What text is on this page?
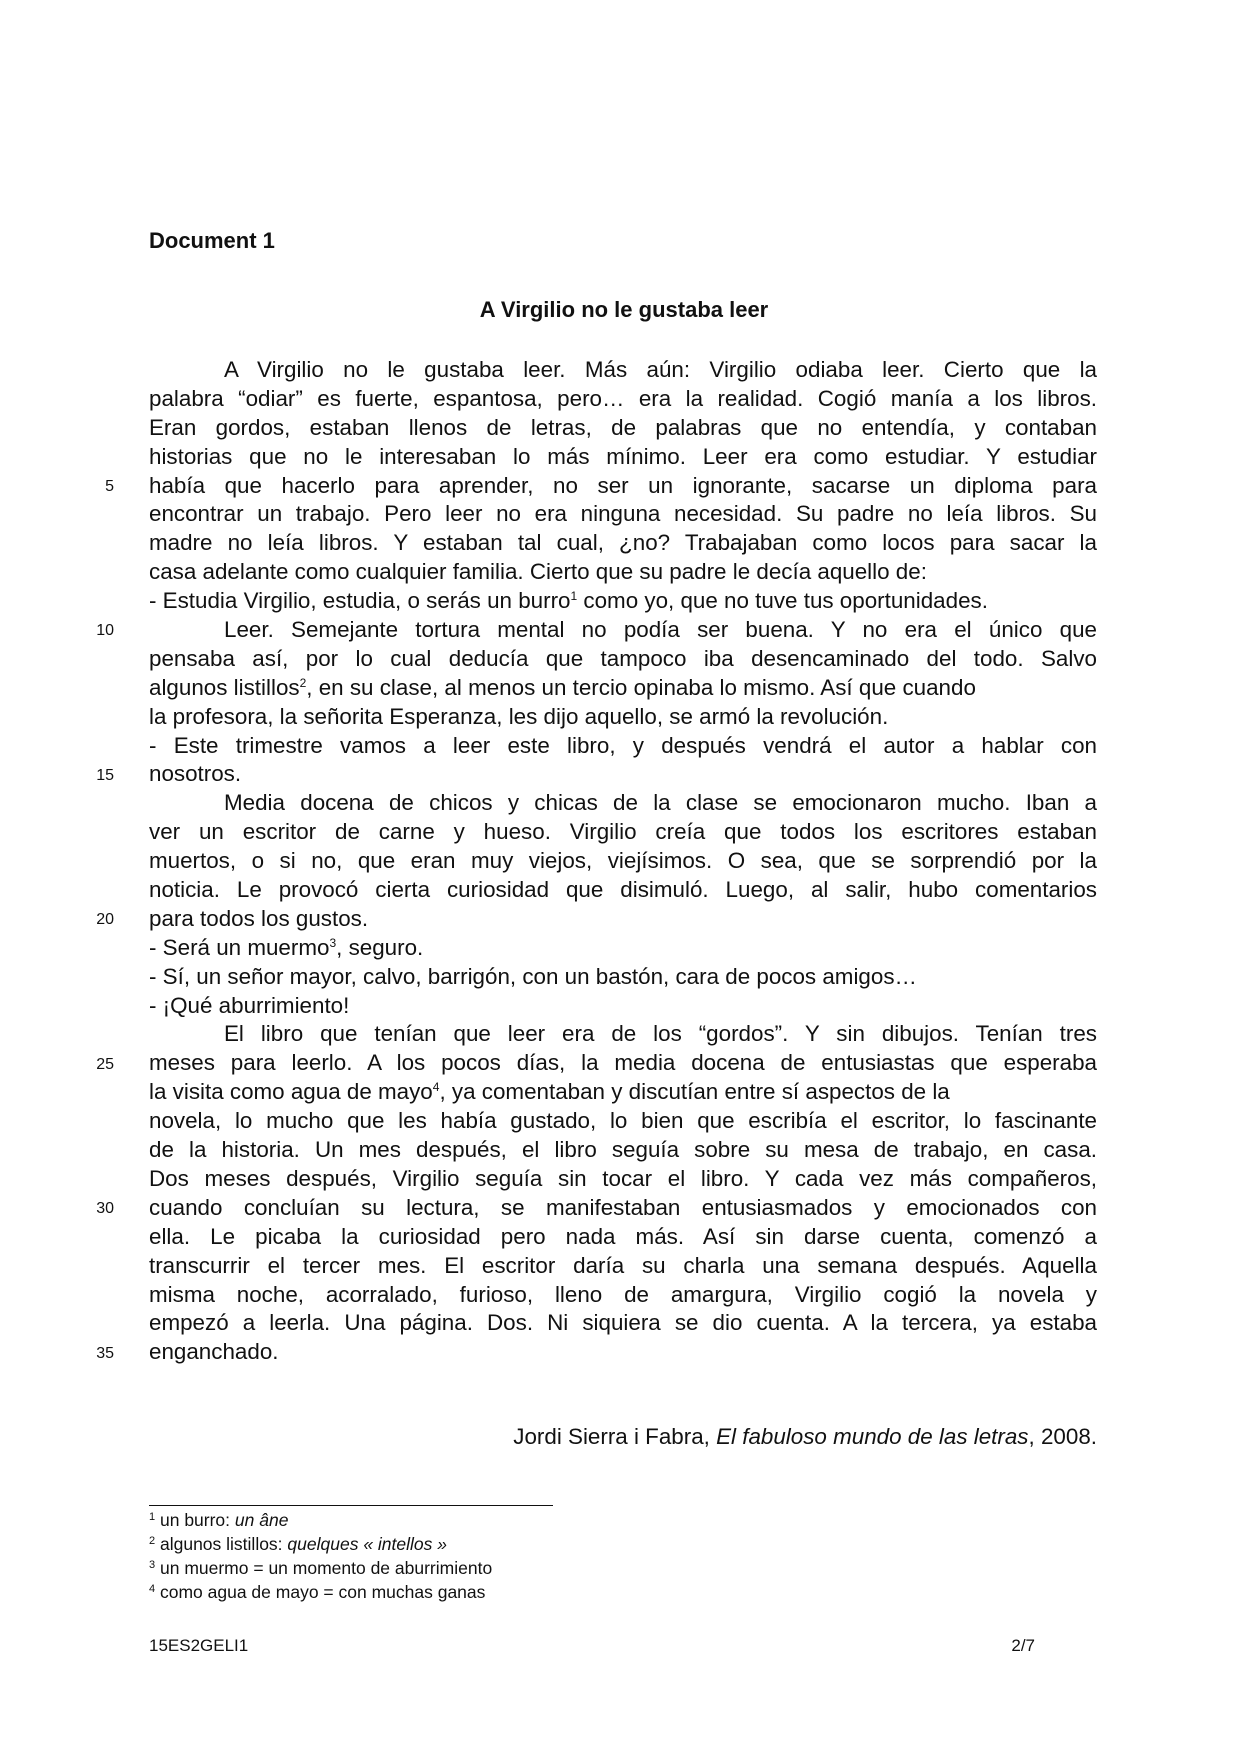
Document 1
A Virgilio no le gustaba leer
A Virgilio no le gustaba leer. Más aún: Virgilio odiaba leer. Cierto que la
palabra “odiar” es fuerte, espantosa, pero… era la realidad. Cogió manía a los libros.
Eran gordos, estaban llenos de letras, de palabras que no entendía, y contaban
historias que no le interesaban lo más mínimo. Leer era como estudiar. Y estudiar
había que hacerlo para aprender, no ser un ignorante, sacarse un diploma para
encontrar un trabajo. Pero leer no era ninguna necesidad. Su padre no leía libros. Su
madre no leía libros. Y estaban tal cual, ¿no? Trabajaban como locos para sacar la
casa adelante como cualquier familia. Cierto que su padre le decía aquello de:
- Estudia Virgilio, estudia, o serás un burro$^1$ como yo, que no tuve tus oportunidades.
Leer. Semejante tortura mental no podía ser buena. Y no era el único que
pensaba así, por lo cual deducía que tampoco iba desencaminado del todo. Salvo
algunos listillos$^2$, en su clase, al menos un tercio opinaba lo mismo. Así que cuando
la profesora, la señorita Esperanza, les dijo aquello, se armó la revolución.
- Este trimestre vamos a leer este libro, y después vendrá el autor a hablar con
nosotros.
Media docena de chicos y chicas de la clase se emocionaron mucho. Iban a
ver un escritor de carne y hueso. Virgilio creía que todos los escritores estaban
muertos, o si no, que eran muy viejos, viejísimos. O sea, que se sorprendió por la
noticia. Le provocó cierta curiosidad que disimuló. Luego, al salir, hubo comentarios
para todos los gustos.
- Será un muermo$^3$, seguro.
- Sí, un señor mayor, calvo, barrigón, con un bastón, cara de pocos amigos…
- ¡Qué aburrimiento!
El libro que tenían que leer era de los “gordos”. Y sin dibujos. Tenían tres
meses para leerlo. A los pocos días, la media docena de entusiastas que esperaba
la visita como agua de mayo$^4$, ya comentaban y discutían entre sí aspectos de la
novela, lo mucho que les había gustado, lo bien que escribía el escritor, lo fascinante
de la historia. Un mes después, el libro seguía sobre su mesa de trabajo, en casa.
Dos meses después, Virgilio seguía sin tocar el libro. Y cada vez más compañeros,
cuando concluían su lectura, se manifestaban entusiasmados y emocionados con
ella. Le picaba la curiosidad pero nada más. Así sin darse cuenta, comenzó a
transcurrir el tercer mes. El escritor daría su charla una semana después. Aquella
misma noche, acorralado, furioso, lleno de amargura, Virgilio cogió la novela y
empezó a leerla. Una página. Dos. Ni siquiera se dio cuenta. A la tercera, ya estaba
enganchado.
5
10
15
20
25
30
35
Jordi Sierra i Fabra, El fabuloso mundo de las letras, 2008.
$^1$ un burro: un âne
$^2$ algunos listillos: quelques « intellos »
$^3$ un muermo = un momento de aburrimiento
$^4$ como agua de mayo = con muchas ganas
15ES2GELI1	2/7
